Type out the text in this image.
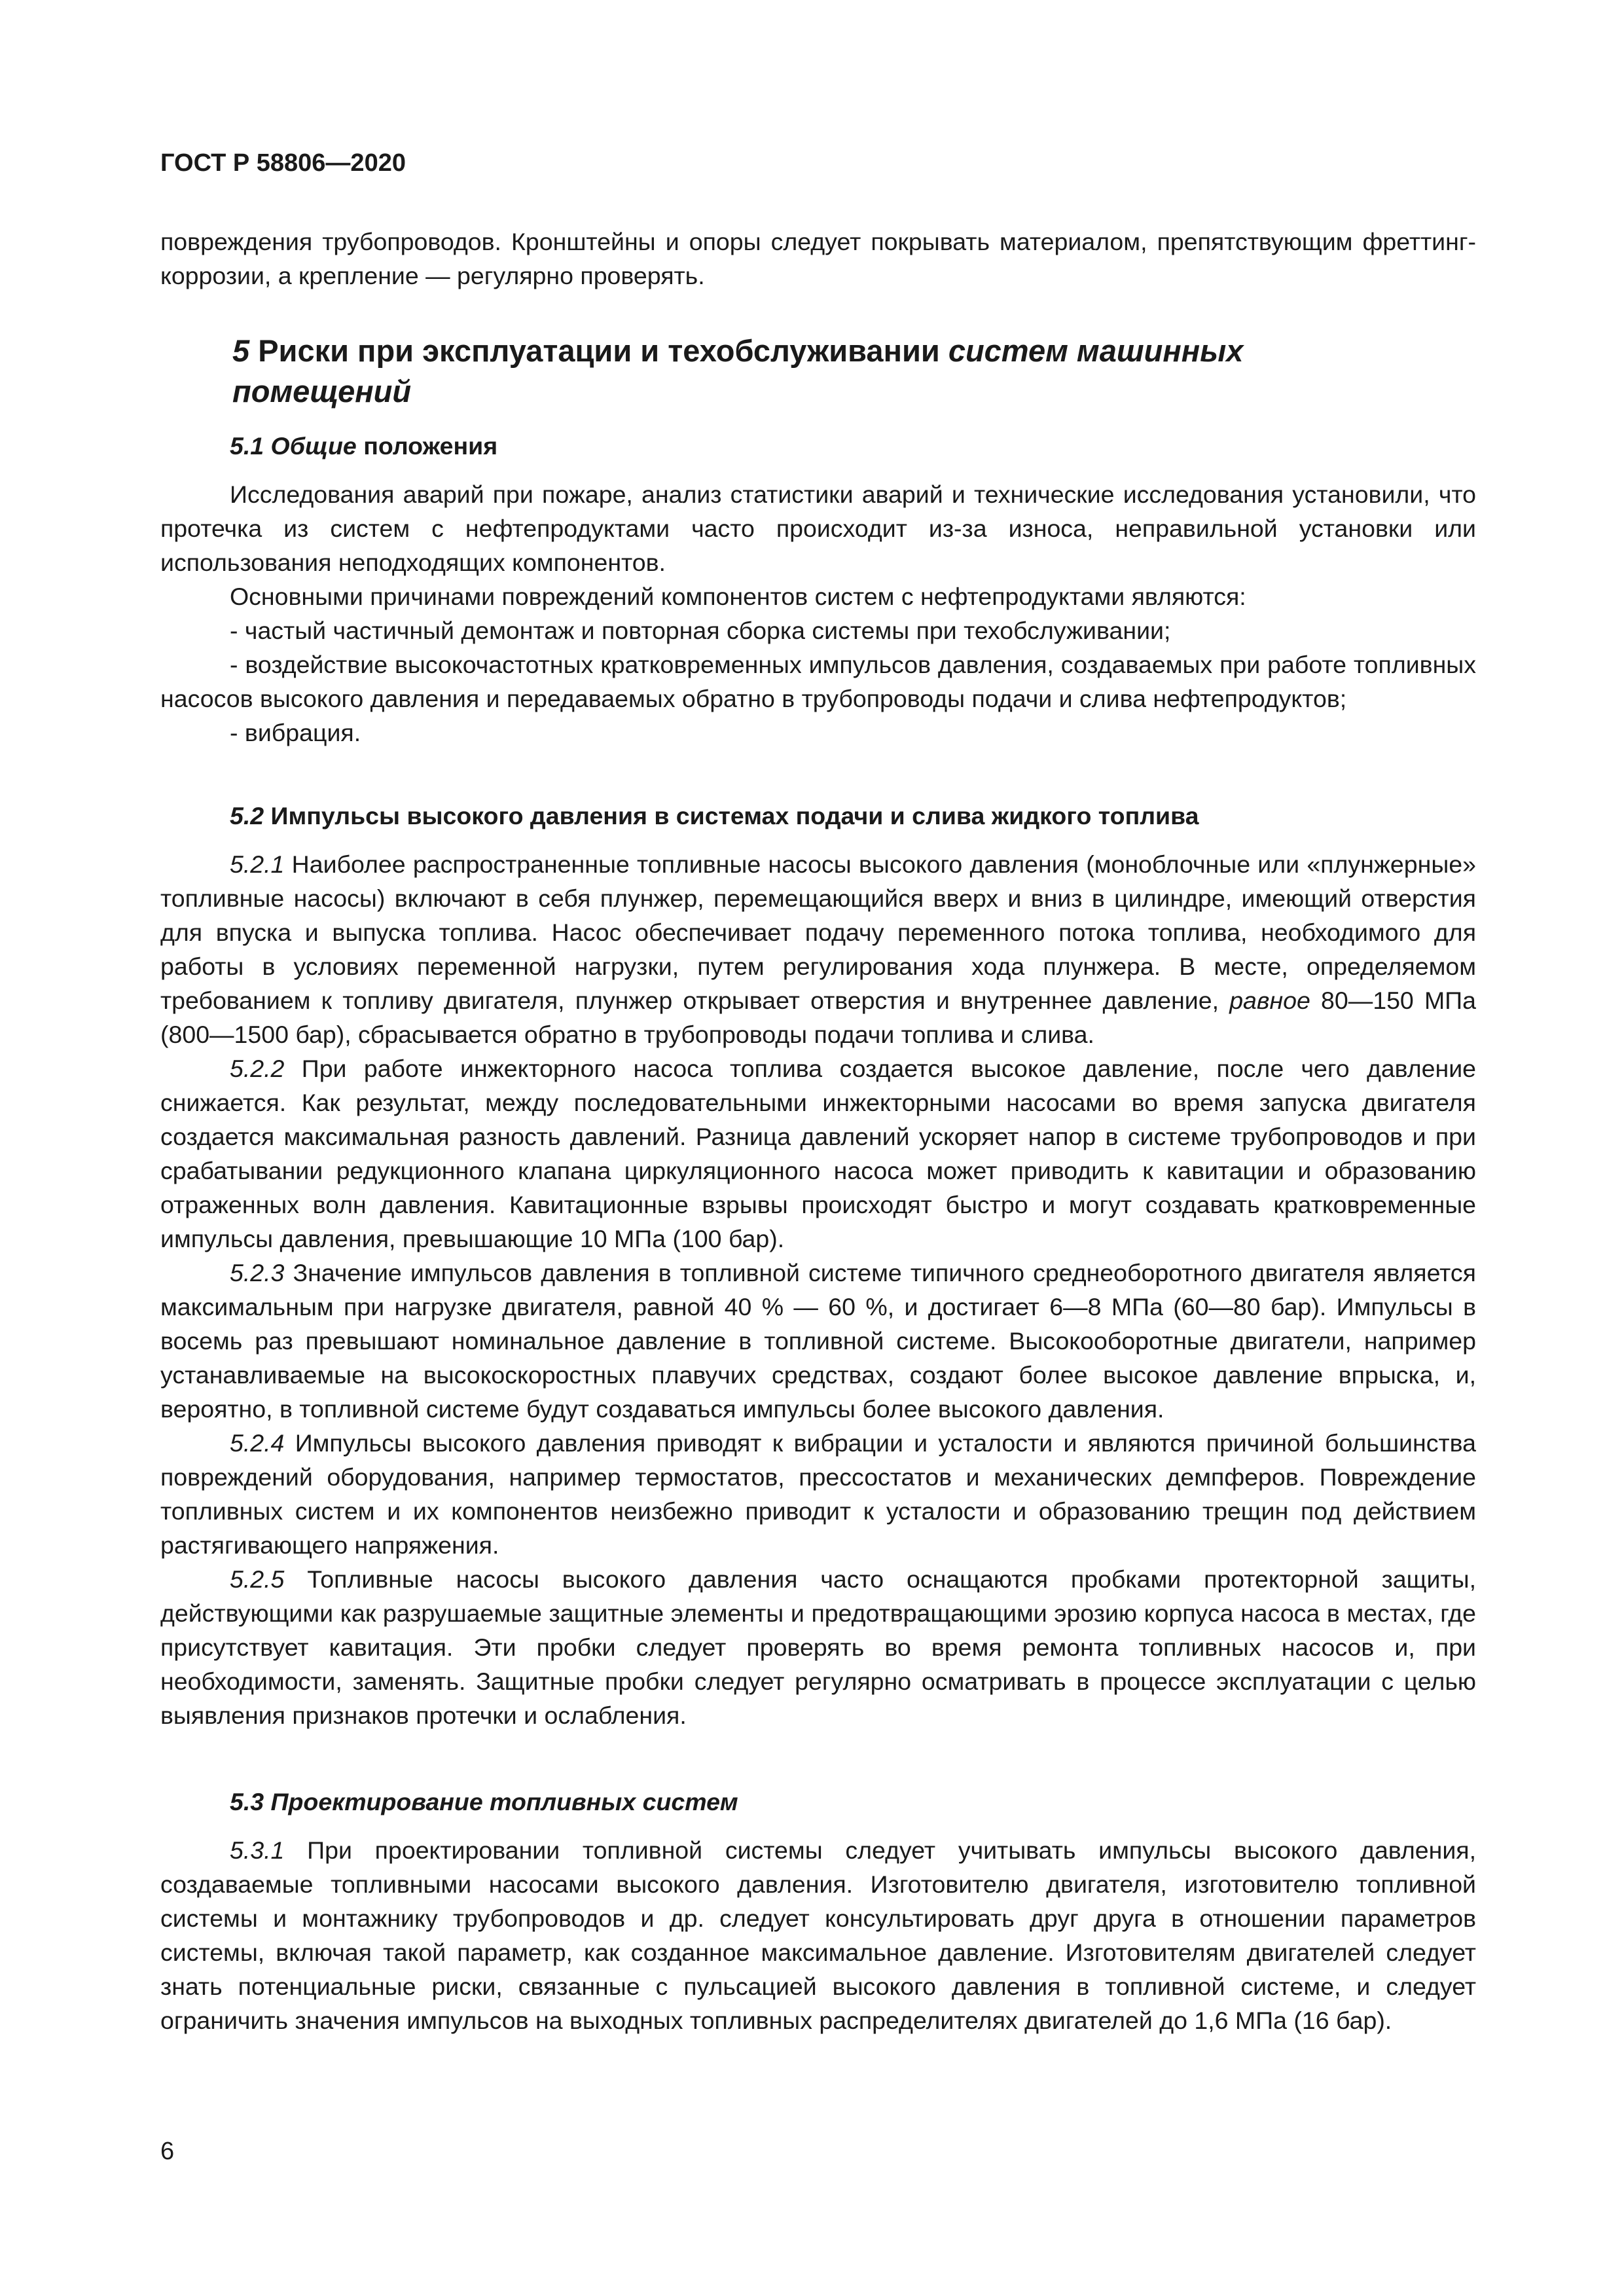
ГОСТ Р 58806—2020

повреждения трубопроводов. Кронштейны и опоры следует покрывать материалом, препятствующим фреттинг-коррозии, а крепление — регулярно проверять.

5 Риски при эксплуатации и техобслуживании систем машинных помещений
5.1 Общие положения

Исследования аварий при пожаре, анализ статистики аварий и технические исследования установили, что протечка из систем с нефтепродуктами часто происходит из-за износа, неправильной установки или использования неподходящих компонентов.

Основными причинами повреждений компонентов систем с нефтепродуктами являются:

- частый частичный демонтаж и повторная сборка системы при техобслуживании;

- воздействие высокочастотных кратковременных импульсов давления, создаваемых при работе топливных насосов высокого давления и передаваемых обратно в трубопроводы подачи и слива нефтепродуктов;

- вибрация.

5.2 Импульсы высокого давления в системах подачи и слива жидкого топлива

5.2.1 Наиболее распространенные топливные насосы высокого давления (моноблочные или «плунжерные» топливные насосы) включают в себя плунжер, перемещающийся вверх и вниз в цилиндре, имеющий отверстия для впуска и выпуска топлива. Насос обеспечивает подачу переменного потока топлива, необходимого для работы в условиях переменной нагрузки, путем регулирования хода плунжера. В месте, определяемом требованием к топливу двигателя, плунжер открывает отверстия и внутреннее давление, равное 80—150 МПа (800—1500 бар), сбрасывается обратно в трубопроводы подачи топлива и слива.

5.2.2 При работе инжекторного насоса топлива создается высокое давление, после чего давление снижается. Как результат, между последовательными инжекторными насосами во время запуска двигателя создается максимальная разность давлений. Разница давлений ускоряет напор в системе трубопроводов и при срабатывании редукционного клапана циркуляционного насоса может приводить к кавитации и образованию отраженных волн давления. Кавитационные взрывы происходят быстро и могут создавать кратковременные импульсы давления, превышающие 10 МПа (100 бар).

5.2.3 Значение импульсов давления в топливной системе типичного среднеоборотного двигателя является максимальным при нагрузке двигателя, равной 40 % — 60 %, и достигает 6—8 МПа (60—80 бар). Импульсы в восемь раз превышают номинальное давление в топливной системе. Высокооборотные двигатели, например устанавливаемые на высокоскоростных плавучих средствах, создают более высокое давление впрыска, и, вероятно, в топливной системе будут создаваться импульсы более высокого давления.

5.2.4 Импульсы высокого давления приводят к вибрации и усталости и являются причиной большинства повреждений оборудования, например термостатов, прессостатов и механических демпферов. Повреждение топливных систем и их компонентов неизбежно приводит к усталости и образованию трещин под действием растягивающего напряжения.

5.2.5 Топливные насосы высокого давления часто оснащаются пробками протекторной защиты, действующими как разрушаемые защитные элементы и предотвращающими эрозию корпуса насоса в местах, где присутствует кавитация. Эти пробки следует проверять во время ремонта топливных насосов и, при необходимости, заменять. Защитные пробки следует регулярно осматривать в процессе эксплуатации с целью выявления признаков протечки и ослабления.

5.3 Проектирование топливных систем

5.3.1 При проектировании топливной системы следует учитывать импульсы высокого давления, создаваемые топливными насосами высокого давления. Изготовителю двигателя, изготовителю топливной системы и монтажнику трубопроводов и др. следует консультировать друг друга в отношении параметров системы, включая такой параметр, как созданное максимальное давление. Изготовителям двигателей следует знать потенциальные риски, связанные с пульсацией высокого давления в топливной системе, и следует ограничить значения импульсов на выходных топливных распределителях двигателей до 1,6 МПа (16 бар).

6
